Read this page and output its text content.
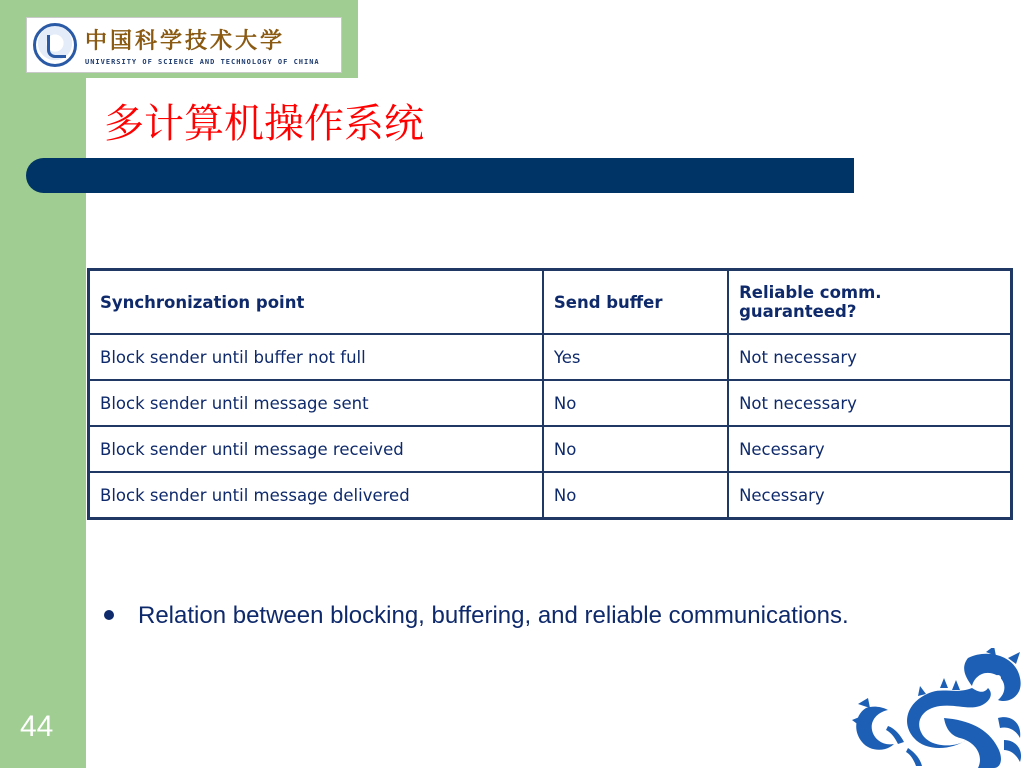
中国科学技术大学
UNIVERSITY OF SCIENCE AND TECHNOLOGY OF CHINA
多计算机操作系统
Synchronization point	Send buffer	Reliable comm. guaranteed?
Block sender until buffer not full	Yes	Not necessary
Block sender until message sent	No	Not necessary
Block sender until message received	No	Necessary
Block sender until message delivered	No	Necessary
Relation between blocking, buffering, and reliable communications.
44
